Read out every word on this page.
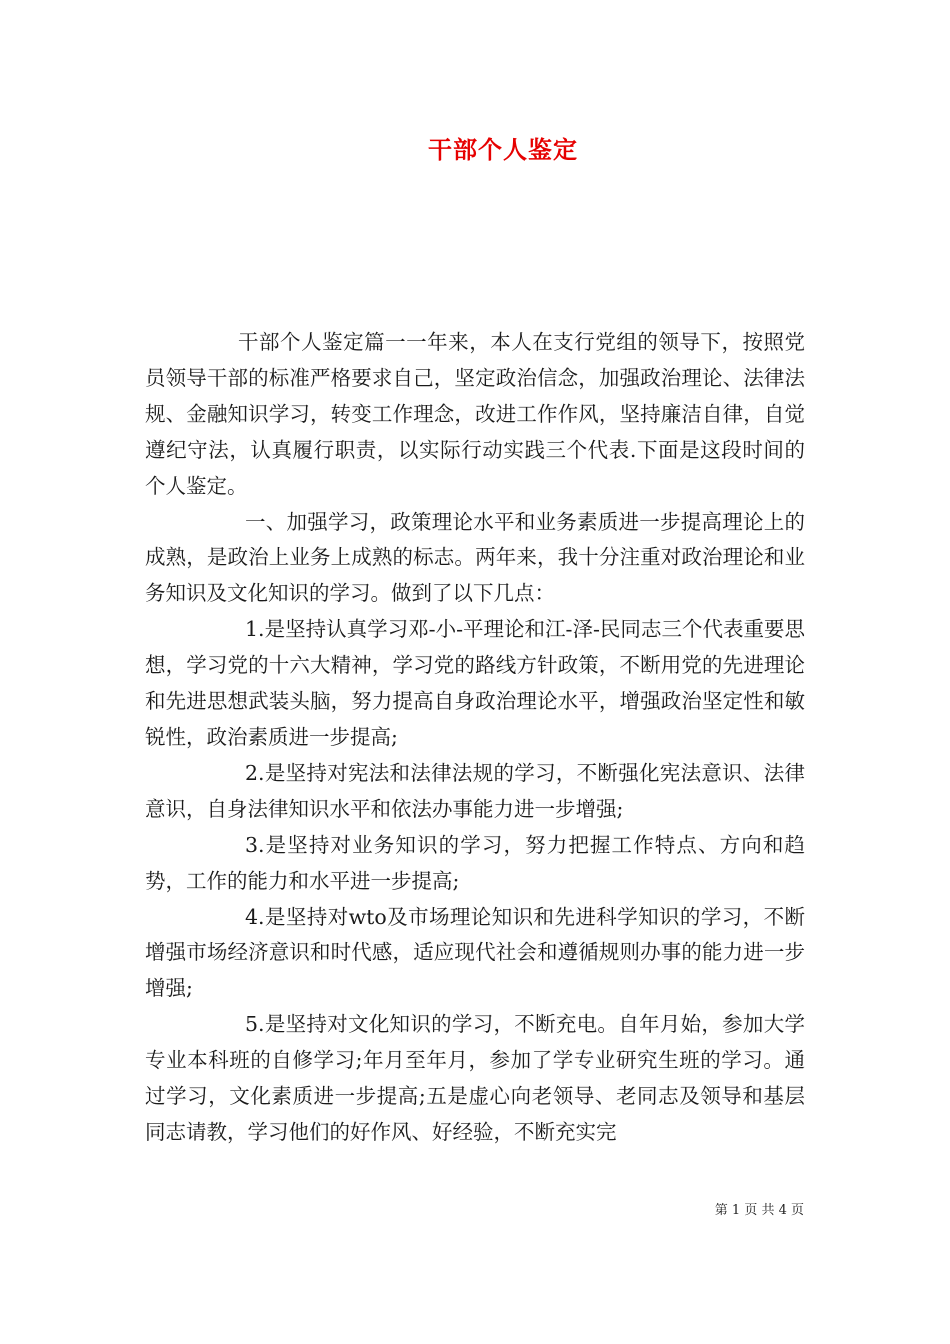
干部个人鉴定

干部个人鉴定篇一一年来，本人在支行党组的领导下，按照党员领导干部的标准严格要求自己，坚定政治信念，加强政治理论、法律法规、金融知识学习，转变工作理念，改进工作作风，坚持廉洁自律，自觉遵纪守法，认真履行职责，以实际行动实践三个代表.下面是这段时间的个人鉴定。

一、加强学习，政策理论水平和业务素质进一步提高理论上的成熟，是政治上业务上成熟的标志。两年来，我十分注重对政治理论和业务知识及文化知识的学习。做到了以下几点：

1.是坚持认真学习邓-小-平理论和江-泽-民同志三个代表重要思想，学习党的十六大精神，学习党的路线方针政策，不断用党的先进理论和先进思想武装头脑，努力提高自身政治理论水平，增强政治坚定性和敏锐性，政治素质进一步提高;

2.是坚持对宪法和法律法规的学习，不断强化宪法意识、法律意识，自身法律知识水平和依法办事能力进一步增强;

3.是坚持对业务知识的学习，努力把握工作特点、方向和趋势，工作的能力和水平进一步提高;

4.是坚持对wto及市场理论知识和先进科学知识的学习，不断增强市场经济意识和时代感，适应现代社会和遵循规则办事的能力进一步增强;

5.是坚持对文化知识的学习，不断充电。自年月始，参加大学专业本科班的自修学习;年月至年月，参加了学专业研究生班的学习。通过学习，文化素质进一步提高;五是虚心向老领导、老同志及领导和基层同志请教，学习他们的好作风、好经验，不断充实完

第 1 页 共 4 页
